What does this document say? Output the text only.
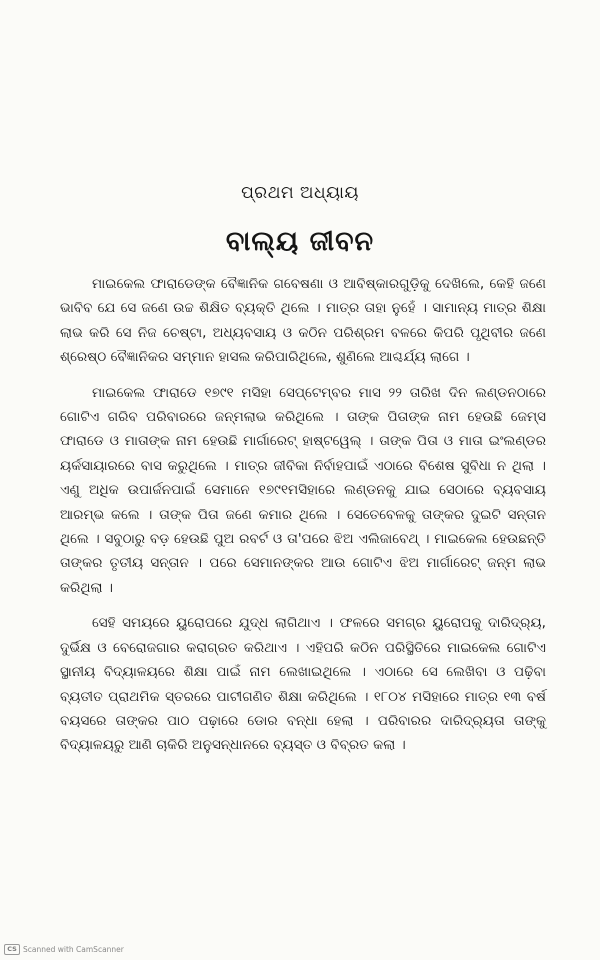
ପ୍ରଥମ ଅଧ୍ୟାୟ
ବାଲ୍ୟ ଜୀବନ

ମାଇକେଲ ଫାରାଡେଙ୍କ ବୈଜ୍ଞାନିକ ଗବେଷଣା ଓ ଆବିଷ୍କାରଗୁଡ଼ିକୁ ଦେଖିଲେ, କେହି ଜଣେ ଭାବିବ ଯେ ସେ ଜଣେ ଉଚ୍ଚ ଶିକ୍ଷିତ ବ୍ୟକ୍ତି ଥିଲେ । ମାତ୍ର ତାହା ନୁହେଁ । ସାମାନ୍ୟ ମାତ୍ର ଶିକ୍ଷା ଲାଭ କରି ସେ ନିଜ ଚେଷ୍ଟା, ଅଧ୍ୟବସାୟ ଓ କଠିନ ପରିଶ୍ରମ ବଳରେ କିପରି ପୃଥିବୀର ଜଣେ ଶ୍ରେଷ୍ଠ ବୈଜ୍ଞାନିକର ସମ୍ମାନ ହାସଲ କରିପାରିଥିଲେ, ଶୁଣିଲେ ଆଶ୍ଚର୍ଯ୍ୟ ଲାଗେ ।

ମାଇକେଲ ଫାରାଡେ ୧୭୯୧ ମସିହା ସେପ୍ଟେମ୍ବର ମାସ ୨୨ ତାରିଖ ଦିନ ଲଣ୍ଡନଠାରେ ଗୋଟିଏ ଗରିବ ପରିବାରରେ ଜନ୍ମଲାଭ କରିଥିଲେ । ତାଙ୍କ ପିତାଙ୍କ ନାମ ହେଉଛି ଜେମ୍ସ ଫାରାଡେ ଓ ମାତାଙ୍କ ନାମ ହେଉଛି ମାର୍ଗାରେଟ୍ ହାଷ୍ଟୱେଲ୍ । ତାଙ୍କ ପିତା ଓ ମାତା ଇଂଲଣ୍ଡର ୟର୍କସାୟାରରେ ବାସ କରୁଥିଲେ । ମାତ୍ର ଜୀବିକା ନିର୍ବାହପାଇଁ ଏଠାରେ ବିଶେଷ ସୁବିଧା ନ ଥିଲା । ଏଣୁ ଅଧିକ ଉପାର୍ଜନପାଇଁ ସେମାନେ ୧୭୯୧ମସିହାରେ ଲଣ୍ଡନକୁ ଯାଇ ସେଠାରେ ବ୍ୟବସାୟ ଆରମ୍ଭ କଲେ । ତାଙ୍କ ପିତା ଜଣେ କମାର ଥିଲେ । ସେତେବେଳକୁ ତାଙ୍କର ଦୁଇଟି ସନ୍ତାନ ଥିଲେ । ସବୁଠାରୁ ବଡ଼ ହେଉଛି ପୁଅ ରବର୍ଟ ଓ ତା'ପରେ ଝିଅ ଏଲିଜାବେଥ୍ । ମାଇକେଲ ହେଉଛନ୍ତି ତାଙ୍କର ତୃତୀୟ ସନ୍ତାନ । ପରେ ସେମାନଙ୍କର ଆଉ ଗୋଟିଏ ଝିଅ ମାର୍ଗାରେଟ୍ ଜନ୍ମ ଲାଭ କରିଥିଲା ।

ସେହି ସମୟରେ ୟୁରୋପରେ ଯୁଦ୍ଧ ଲାଗିଥାଏ । ଫଳରେ ସମଗ୍ର ୟୁରୋପକୁ ଦାରିଦ୍ର୍ୟ, ଦୁର୍ଭିକ୍ଷ ଓ ବେରୋଜଗାର କରାଗ୍ରତ କରିଥାଏ । ଏହିପରି କଠିନ ପରିସ୍ଥିତିରେ ମାଇକେଲ ଗୋଟିଏ ସ୍ଥାନୀୟ ବିଦ୍ୟାଳୟରେ ଶିକ୍ଷା ପାଇଁ ନାମ ଲେଖାଇଥିଲେ । ଏଠାରେ ସେ ଲେଖିବା ଓ ପଢ଼ିବା ବ୍ୟତୀତ ପ୍ରାଥମିକ ସ୍ତରରେ ପାଟୀଗଣିତ ଶିକ୍ଷା କରିଥିଲେ । ୧୮୦୪ ମସିହାରେ ମାତ୍ର ୧୩ ବର୍ଷ ବୟସରେ ତାଙ୍କର ପାଠ ପଢ଼ାରେ ଡୋର ବନ୍ଧା ହେଲା । ପରିବାରର ଦାରିଦ୍ର୍ୟତା ତାଙ୍କୁ ବିଦ୍ୟାଳୟରୁ ଆଣି ଚାକିରି ଅନୁସନ୍ଧାନରେ ବ୍ୟସ୍ତ ଓ ବିବ୍ରତ କଲା ।

CS Scanned with CamScanner
